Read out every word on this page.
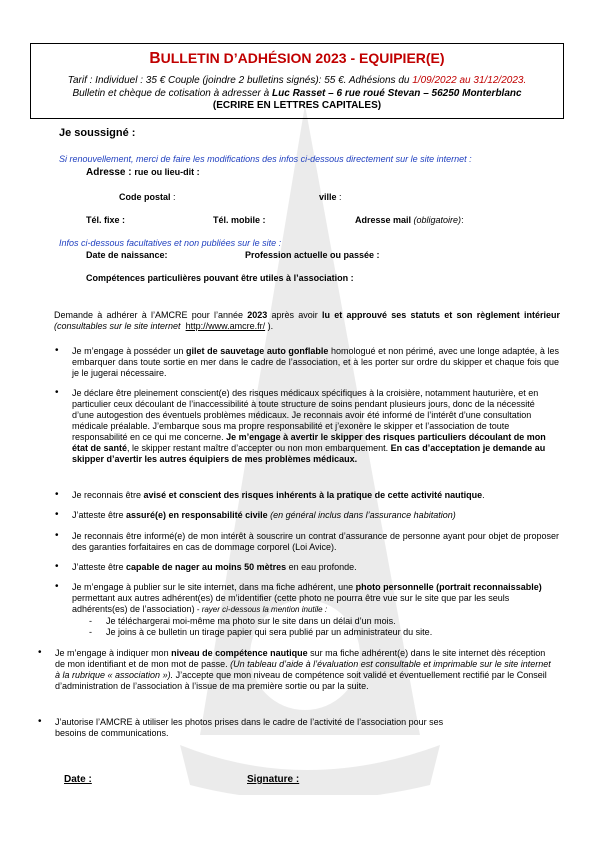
BULLETIN D’ADHÉSION 2023 - EQUIPIER(E)
Tarif : Individuel : 35 € Couple (joindre 2 bulletins signés): 55 €. Adhésions du 1/09/2022 au 31/12/2023.
Bulletin et chèque de cotisation à adresser à Luc Rasset – 6 rue roué Stevan – 56250 Monterblanc
(ECRIRE EN LETTRES CAPITALES)
Je soussigné :
Si renouvellement, merci de faire les modifications des infos ci-dessous directement sur le site internet :
Adresse : rue ou lieu-dit :
Code postal :	ville :
Tél. fixe :	Tél. mobile :	Adresse mail (obligatoire):
Infos ci-dessous facultatives et non publiées sur le site :
Date de naissance:	Profession actuelle ou passée :
Compétences particulières pouvant être utiles à l’association :
Demande à adhérer à l’AMCRE pour l’année 2023 après avoir lu et approuvé ses statuts et son règlement intérieur (consultables sur le site internet http://www.amcre.fr/ ).
• Je m’engage à posséder un gilet de sauvetage auto gonflable homologué et non périmé, avec une longe adaptée, à les embarquer dans toute sortie en mer dans le cadre de l’association, et à les porter sur ordre du skipper et chaque fois que je le jugerai nécessaire.
• Je déclare être pleinement conscient(e) des risques médicaux spécifiques à la croisière, notamment hauturière, et en particulier ceux découlant de l’inaccessibilité à toute structure de soins pendant plusieurs jours, donc de la nécessité d’une autogestion des éventuels problèmes médicaux. Je reconnais avoir été informé de l’intérêt d’une consultation médicale préalable. J’embarque sous ma propre responsabilité et j’exonère le skipper et l’association de toute responsabilité en ce qui me concerne. Je m’engage à avertir le skipper des risques particuliers découlant de mon état de santé, le skipper restant maître d’accepter ou non mon embarquement. En cas d’acceptation je demande au skipper d’avertir les autres équipiers de mes problèmes médicaux.
• Je reconnais être avisé et conscient des risques inhérents à la pratique de cette activité nautique.
• J’atteste être assuré(e) en responsabilité civile (en général inclus dans l’assurance habitation)
• Je reconnais être informé(e) de mon intérêt à souscrire un contrat d’assurance de personne ayant pour objet de proposer des garanties forfaitaires en cas de dommage corporel (Loi Avice).
• J’atteste être capable de nager au moins 50 mètres en eau profonde.
• Je m’engage à publier sur le site internet, dans ma fiche adhérent, une photo personnelle (portrait reconnaissable) permettant aux autres adhérent(es) de m’identifier (cette photo ne pourra être vue sur le site que par les seuls adhérents(es) de l’association) - rayer ci-dessous la mention inutile :
- Je téléchargerai moi-même ma photo sur le site dans un délai d’un mois.
- Je joins à ce bulletin un tirage papier qui sera publié par un administrateur du site.
• Je m’engage à indiquer mon niveau de compétence nautique sur ma fiche adhérent(e) dans le site internet dès réception de mon identifiant et de mon mot de passe. (Un tableau d’aide à l’évaluation est consultable et imprimable sur le site internet à la rubrique « association »). J’accepte que mon niveau de compétence soit validé et éventuellement rectifié par le Conseil d’administration de l’association à l’issue de ma première sortie ou par la suite.
• J’autorise l’AMCRE à utiliser les photos prises dans le cadre de l’activité de l’association pour ses besoins de communications.
Date :	Signature :
